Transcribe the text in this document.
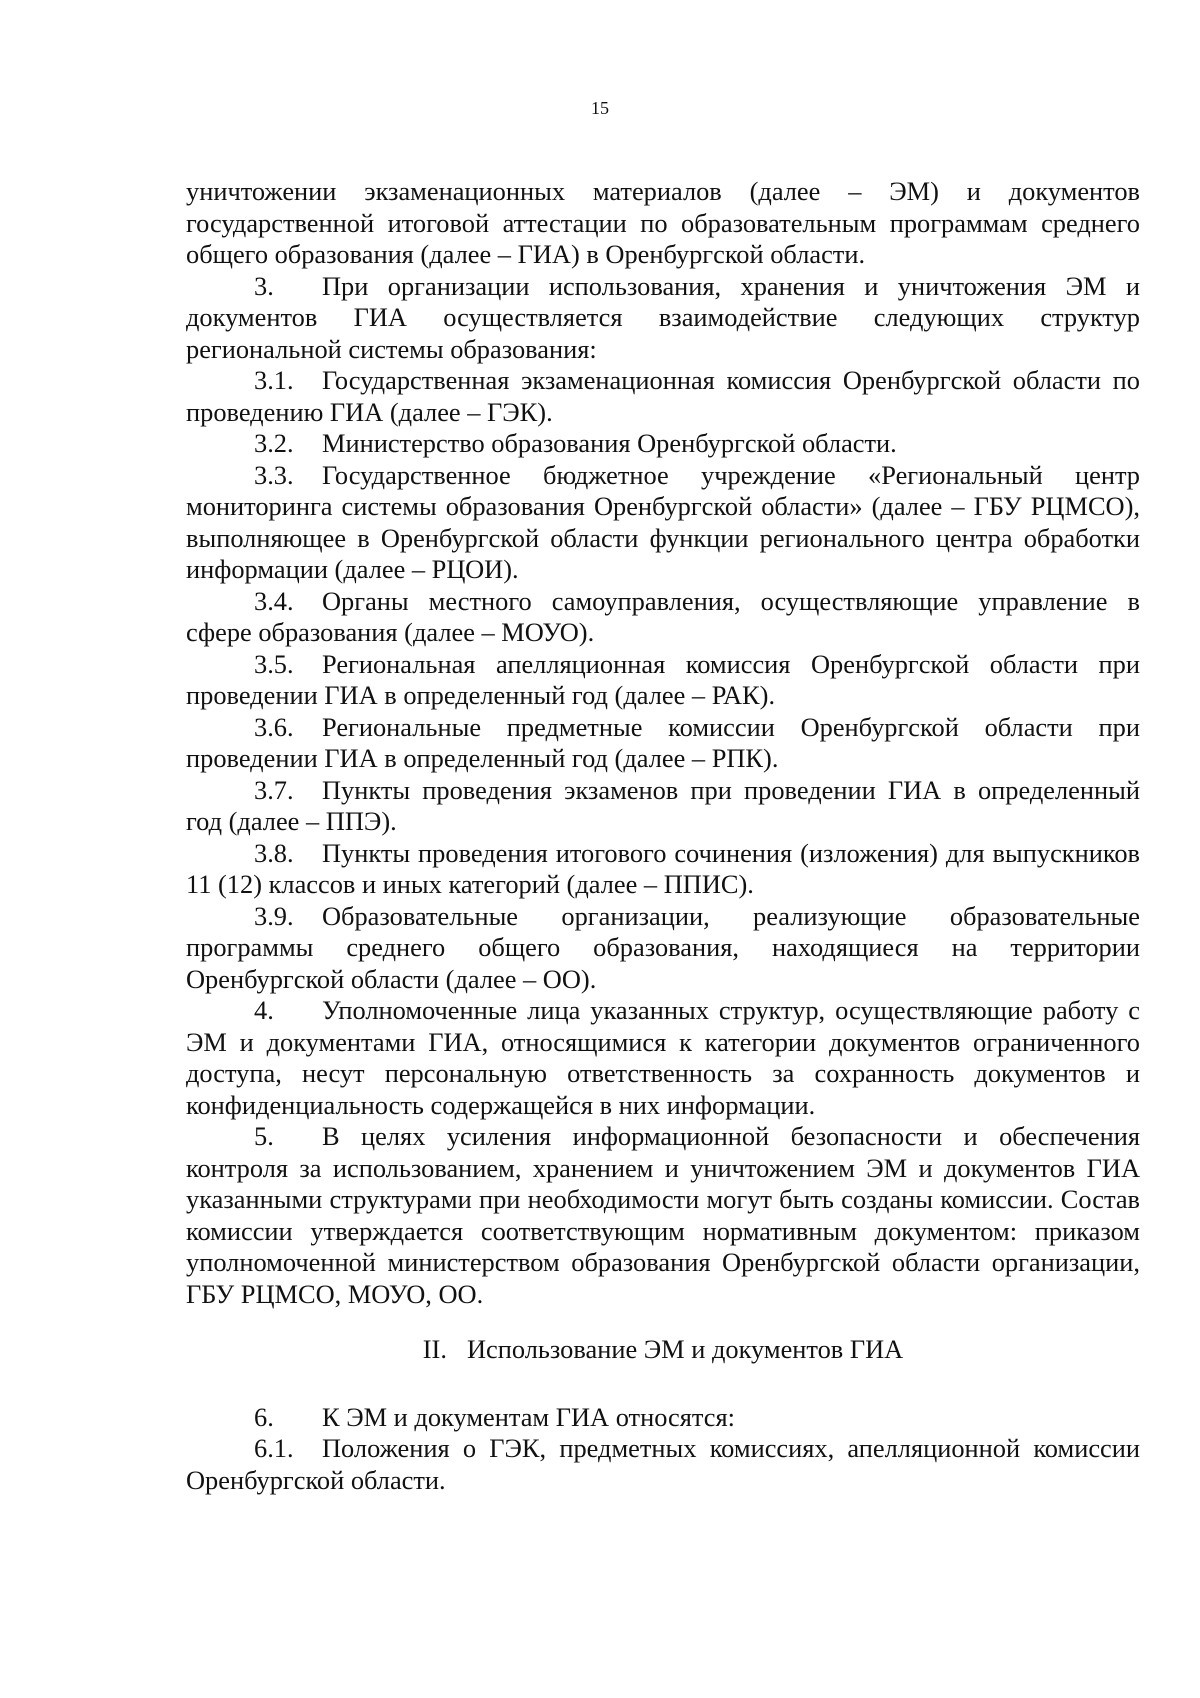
15

уничтожении экзаменационных материалов (далее – ЭМ) и документов государственной итоговой аттестации по образовательным программам среднего общего образования (далее – ГИА) в Оренбургской области.

3. При организации использования, хранения и уничтожения ЭМ и документов ГИА осуществляется взаимодействие следующих структур региональной системы образования:

3.1. Государственная экзаменационная комиссия Оренбургской области по проведению ГИА (далее – ГЭК).

3.2. Министерство образования Оренбургской области.

3.3. Государственное бюджетное учреждение «Региональный центр мониторинга системы образования Оренбургской области» (далее – ГБУ РЦМСО), выполняющее в Оренбургской области функции регионального центра обработки информации (далее – РЦОИ).

3.4. Органы местного самоуправления, осуществляющие управление в сфере образования (далее – МОУО).

3.5. Региональная апелляционная комиссия Оренбургской области при проведении ГИА в определенный год (далее – РАК).

3.6. Региональные предметные комиссии Оренбургской области при проведении ГИА в определенный год (далее – РПК).

3.7. Пункты проведения экзаменов при проведении ГИА в определенный год (далее – ППЭ).

3.8. Пункты проведения итогового сочинения (изложения) для выпускников 11 (12) классов и иных категорий (далее – ППИС).

3.9. Образовательные организации, реализующие образовательные программы среднего общего образования, находящиеся на территории Оренбургской области (далее – ОО).

4. Уполномоченные лица указанных структур, осуществляющие работу с ЭМ и документами ГИА, относящимися к категории документов ограниченного доступа, несут персональную ответственность за сохранность документов и конфиденциальность содержащейся в них информации.

5. В целях усиления информационной безопасности и обеспечения контроля за использованием, хранением и уничтожением ЭМ и документов ГИА указанными структурами при необходимости могут быть созданы комиссии. Состав комиссии утверждается соответствующим нормативным документом: приказом уполномоченной министерством образования Оренбургской области организации, ГБУ РЦМСО, МОУО, ОО.

II. Использование ЭМ и документов ГИА

6. К ЭМ и документам ГИА относятся:

6.1. Положения о ГЭК, предметных комиссиях, апелляционной комиссии Оренбургской области.
